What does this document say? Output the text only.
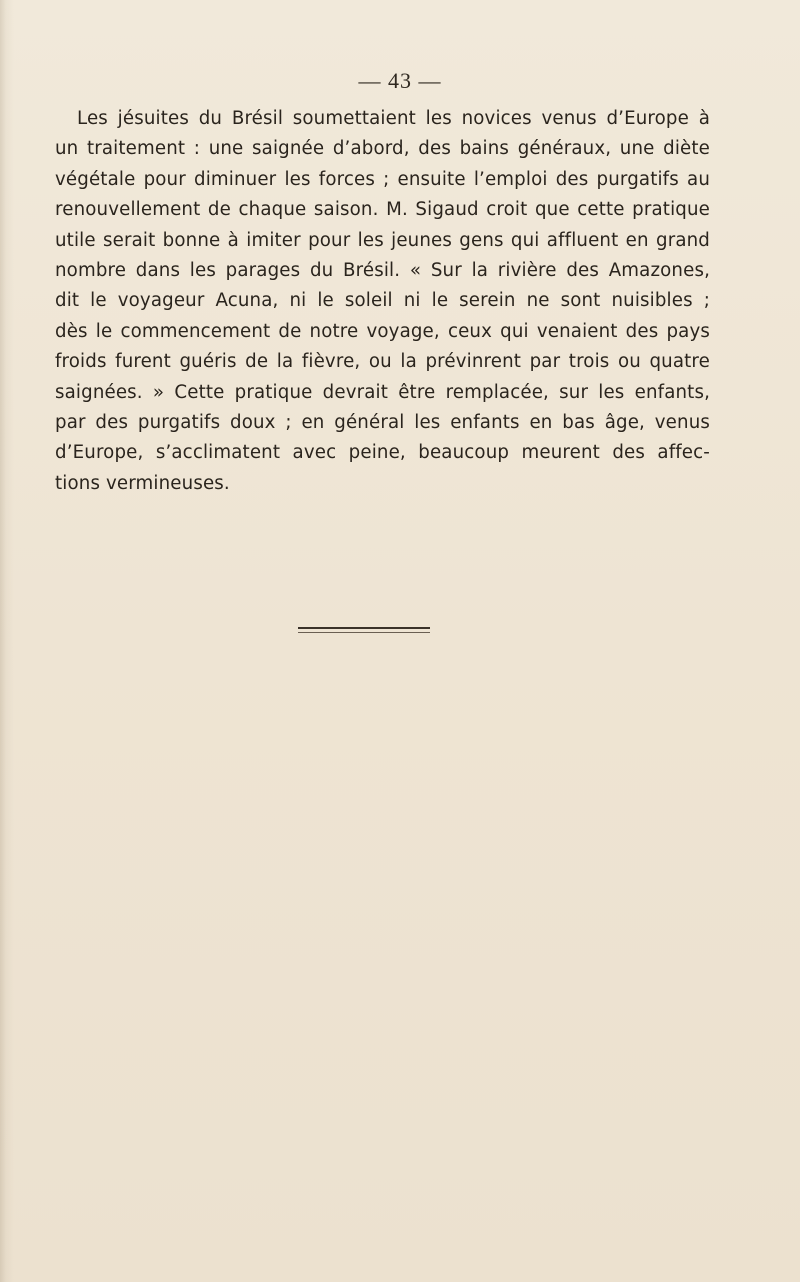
— 43 —
Les jésuites du Brésil soumettaient les novices venus d’Europe à
un traitement : une saignée d’abord, des bains généraux, une diète
végétale pour diminuer les forces ; ensuite l’emploi des purgatifs au
renouvellement de chaque saison. M. Sigaud croit que cette pratique
utile serait bonne à imiter pour les jeunes gens qui affluent en grand
nombre dans les parages du Brésil. « Sur la rivière des Amazones,
dit le voyageur Acuna, ni le soleil ni le serein ne sont nuisibles ;
dès le commencement de notre voyage, ceux qui venaient des pays
froids furent guéris de la fièvre, ou la prévinrent par trois ou quatre
saignées. » Cette pratique devrait être remplacée, sur les enfants,
par des purgatifs doux ; en général les enfants en bas âge, venus
d’Europe, s’acclimatent avec peine, beaucoup meurent des affec-
tions vermineuses.
